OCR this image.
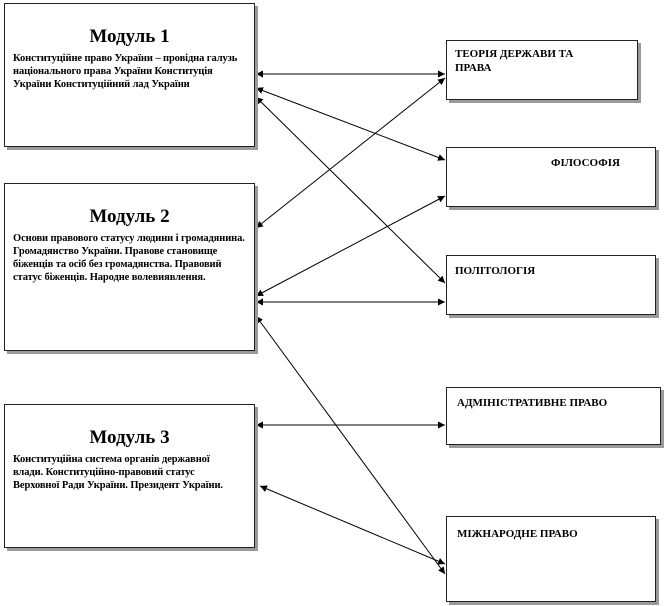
Модуль 1
Конституційне право України – провідна галузь національного права України Конституція України Конституційний лад України
Модуль 2
Основи правового статусу людини і громадянина. Громадянство України. Правове становище біженців та осіб без громадянства. Правовий статус біженців. Народне волевиявлення.
Модуль 3
Конституційна система органів державної влади. Конституційно-правовий статус Верховної Ради України. Президент України.
ТЕОРІЯ ДЕРЖАВИ ТА ПРАВА
ФІЛОСОФІЯ
ПОЛІТОЛОГІЯ
АДМІНІСТРАТИВНЕ ПРАВО
МІЖНАРОДНЕ ПРАВО
